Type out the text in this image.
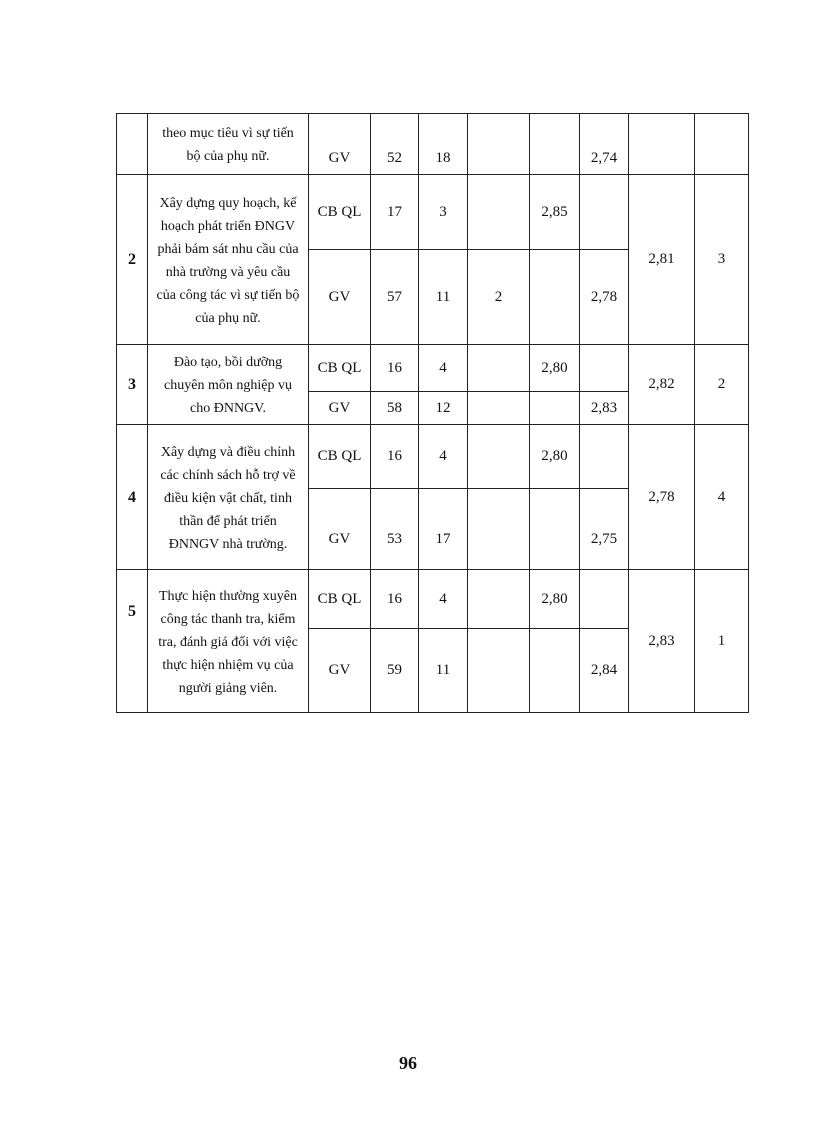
	theo mục tiêu vì sự tiến bộ của phụ nữ.	GV	52	18			2,74		
2	Xây dựng quy hoạch, kế hoạch phát triển ĐNGV phải bám sát nhu cầu của nhà trường và yêu cầu của công tác vì sự tiến bộ của phụ nữ.	CB QL	17	3		2,85		2,81	3
		GV	57	11	2		2,78		
3	Đào tạo, bồi dưỡng chuyên môn nghiệp vụ cho ĐNNGV.	CB QL	16	4		2,80		2,82	2
		GV	58	12			2,83		
4	Xây dựng và điều chỉnh các chính sách hỗ trợ về điều kiện vật chất, tinh thần để phát triển ĐNNGV nhà trường.	CB QL	16	4		2,80		2,78	4
		GV	53	17			2,75		
5	Thực hiện thường xuyên công tác thanh tra, kiểm tra, đánh giá đối với việc thực hiện nhiệm vụ của người giảng viên.	CB QL	16	4		2,80		2,83	1
		GV	59	11			2,84		
96
